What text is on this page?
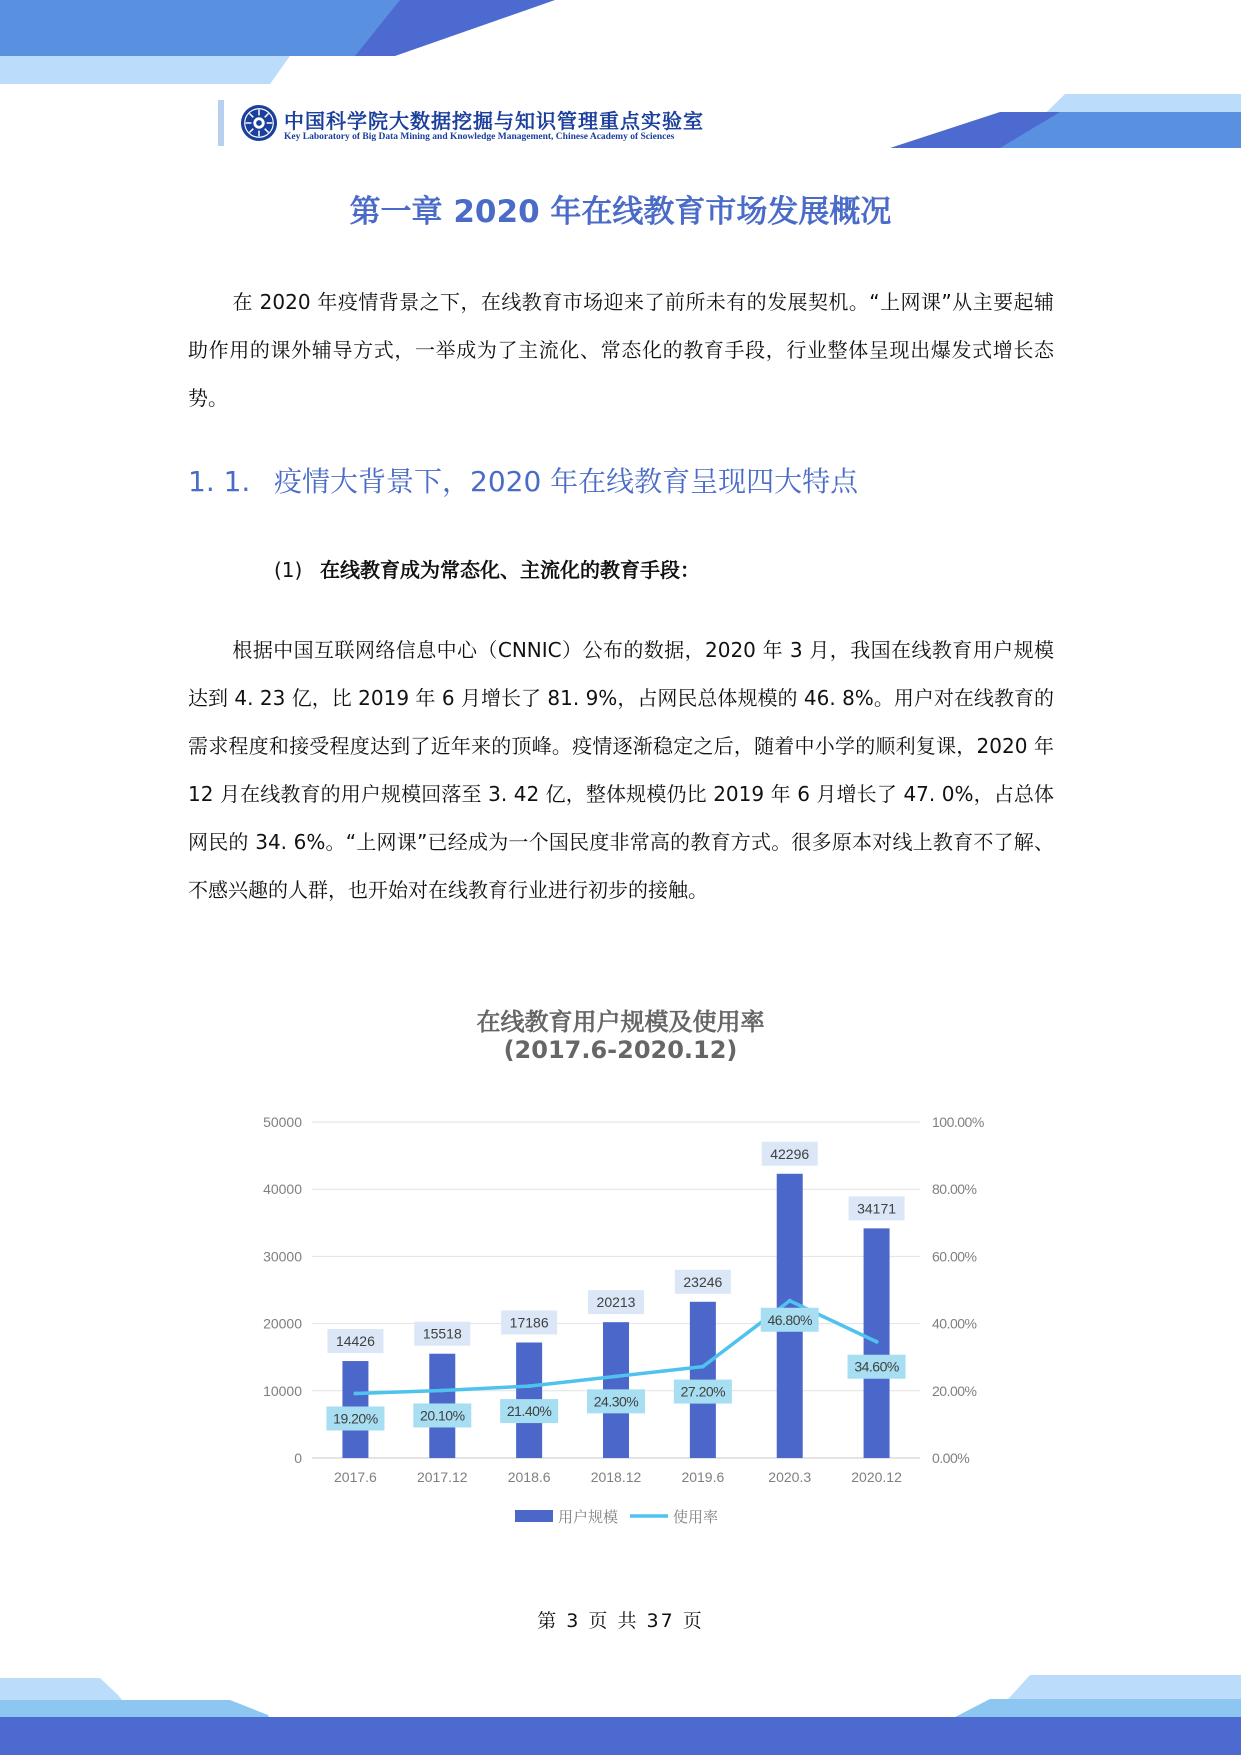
中国科学院大数据挖掘与知识管理重点实验室
Key Laboratory of Big Data Mining and Knowledge Management, Chinese Academy of Sciences
第一章 2020 年在线教育市场发展概况
在 2020 年疫情背景之下，在线教育市场迎来了前所未有的发展契机。“上网课”从主要起辅助作用的课外辅导方式，一举成为了主流化、常态化的教育手段，行业整体呈现出爆发式增长态势。
1. 1. 疫情大背景下，2020 年在线教育呈现四大特点
(1) 在线教育成为常态化、主流化的教育手段：
根据中国互联网络信息中心（CNNIC）公布的数据，2020 年 3 月，我国在线教育用户规模达到 4. 23 亿，比 2019 年 6 月增长了 81. 9%，占网民总体规模的 46. 8%。用户对在线教育的需求程度和接受程度达到了近年来的顶峰。疫情逐渐稳定之后，随着中小学的顺利复课，2020 年 12 月在线教育的用户规模回落至 3. 42 亿，整体规模仍比 2019 年 6 月增长了 47. 0%，占总体网民的 34. 6%。“上网课”已经成为一个国民度非常高的教育方式。很多原本对线上教育不了解、不感兴趣的人群，也开始对在线教育行业进行初步的接触。
在线教育用户规模及使用率
(2017.6-2020.12)
0	0.00%
10000	20.00%
20000	40.00%
30000	60.00%
40000	80.00%
50000	100.00%
2017.6	2017.12	2018.6	2018.12	2019.6	2020.3	2020.12
14426	15518
17186
20213
23246
42296
34171
19.20%	20.10%	21.40%
24.30%
27.20%
46.80%
34.60%
用户规模	使用率
第 3 页 共 37 页
